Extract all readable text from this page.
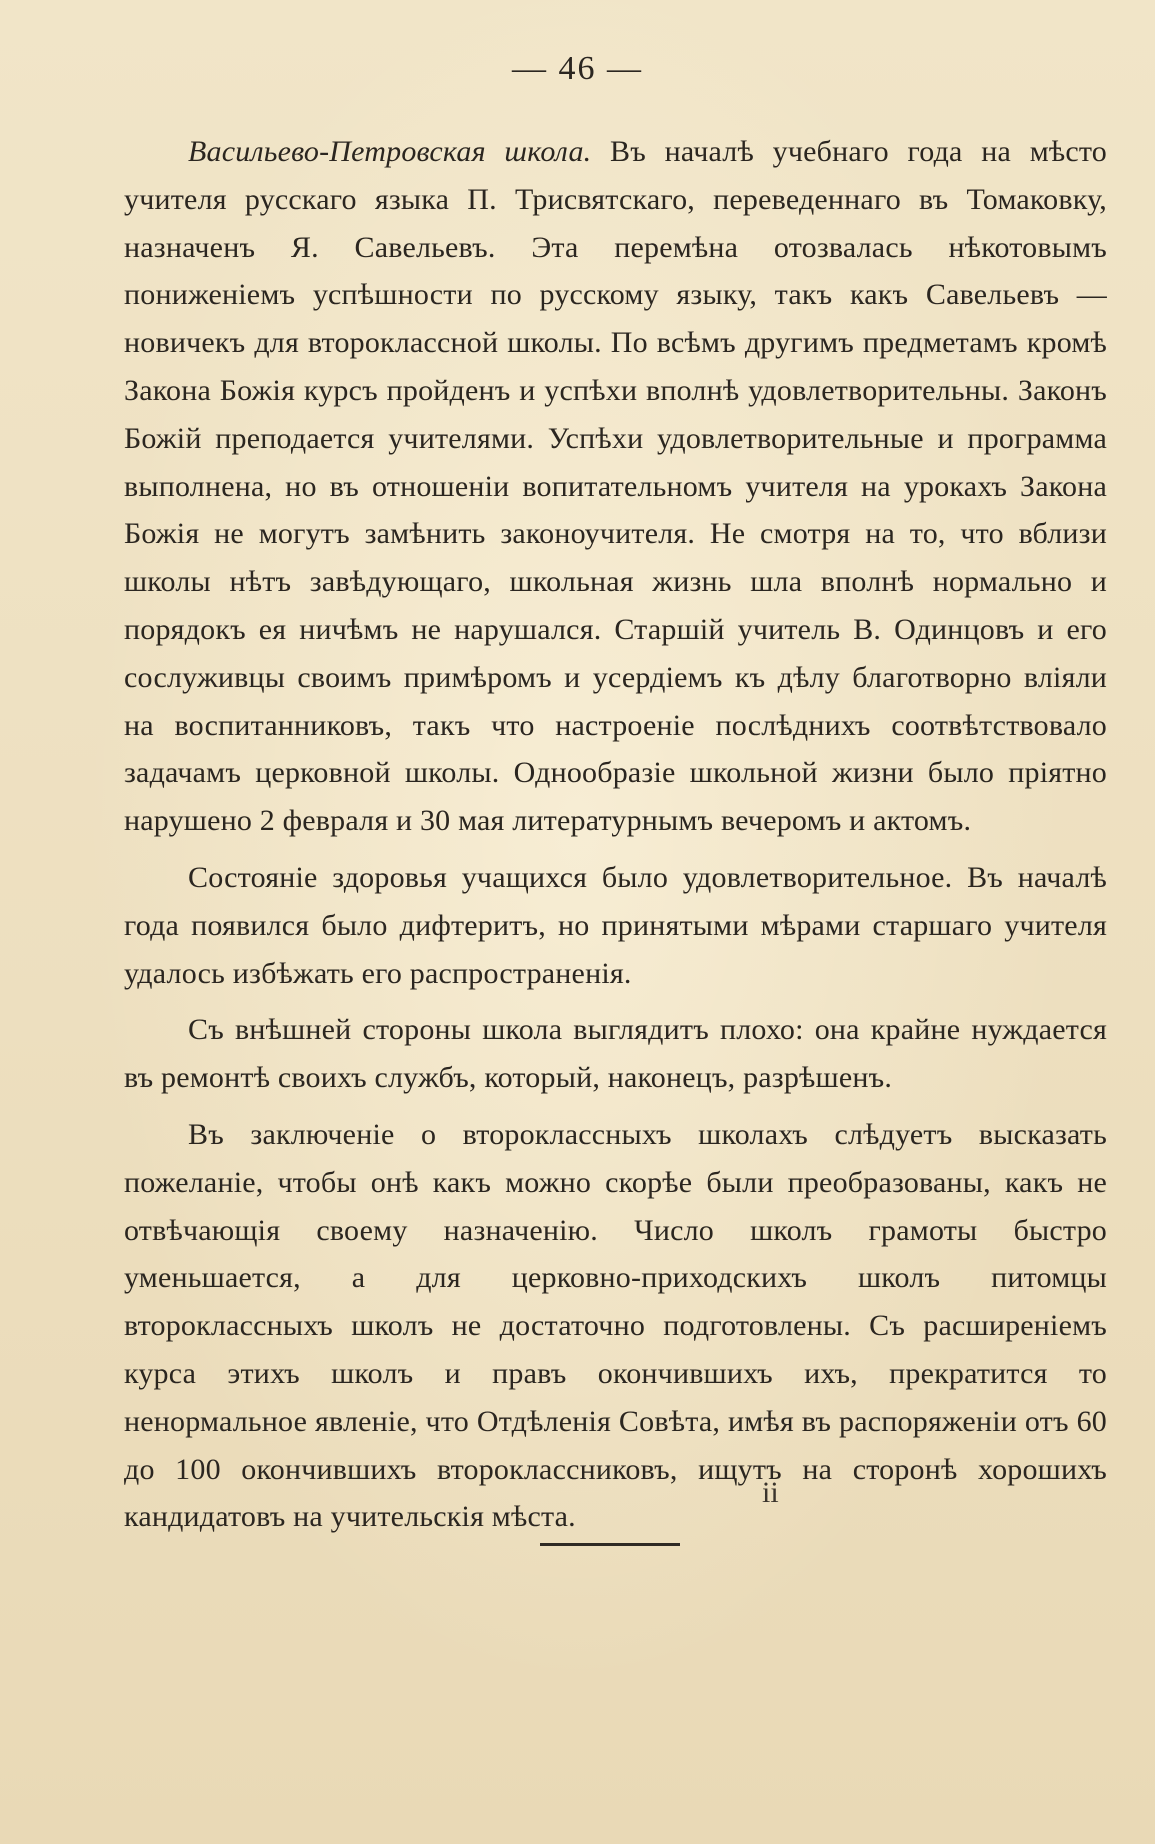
— 46 —

Васильево-Петровская школа. Въ началѣ учебнаго года на мѣсто учителя русскаго языка П. Трисвятскаго, переведеннаго въ Томаковку, назначенъ Я. Савельевъ. Эта перемѣна отозвалась нѣкотовымъ пониженіемъ успѣшности по русскому языку, такъ какъ Савельевъ — новичекъ для второклассной школы. По всѣмъ другимъ предметамъ кромѣ Закона Божія курсъ пройденъ и успѣхи вполнѣ удовлетворительны. Законъ Божій преподается учителями. Успѣхи удовлетворительные и программа выполнена, но въ отношеніи вопитательномъ учителя на урокахъ Закона Божія не могутъ замѣнить законоучителя. Не смотря на то, что вблизи школы нѣтъ завѣдующаго, школьная жизнь шла вполнѣ нормально и порядокъ ея ничѣмъ не нарушался. Старшій учитель В. Одинцовъ и его сослуживцы своимъ примѣромъ и усердіемъ къ дѣлу благотворно вліяли на воспитанниковъ, такъ что настроеніе послѣднихъ соотвѣтствовало задачамъ церковной школы. Однообразіе школьной жизни было пріятно нарушено 2 февраля и 30 мая литературнымъ вечеромъ и актомъ.

Состояніе здоровья учащихся было удовлетворительное. Въ началѣ года появился было дифтеритъ, но принятыми мѣрами старшаго учителя удалось избѣжать его распространенія.

Съ внѣшней стороны школа выглядитъ плохо: она крайне нуждается въ ремонтѣ своихъ службъ, который, наконецъ, разрѣшенъ.

Въ заключеніе о второклассныхъ школахъ слѣдуетъ высказать пожеланіе, чтобы онѣ какъ можно скорѣе были преобразованы, какъ не отвѣчающія своему назначенію. Число школъ грамоты быстро уменьшается, а для церковно-приходскихъ школъ питомцы второклассныхъ школъ не достаточно подготовлены. Съ расширеніемъ курса этихъ школъ и правъ окончившихъ ихъ, прекратится то ненормальное явленіе, что Отдѣленія Совѣта, имѣя въ распоряженіи отъ 60 до 100 окончившихъ второклассниковъ, ищутъ на сторонѣ хорошихъ кандидатовъ на учительскія мѣста.

іі
